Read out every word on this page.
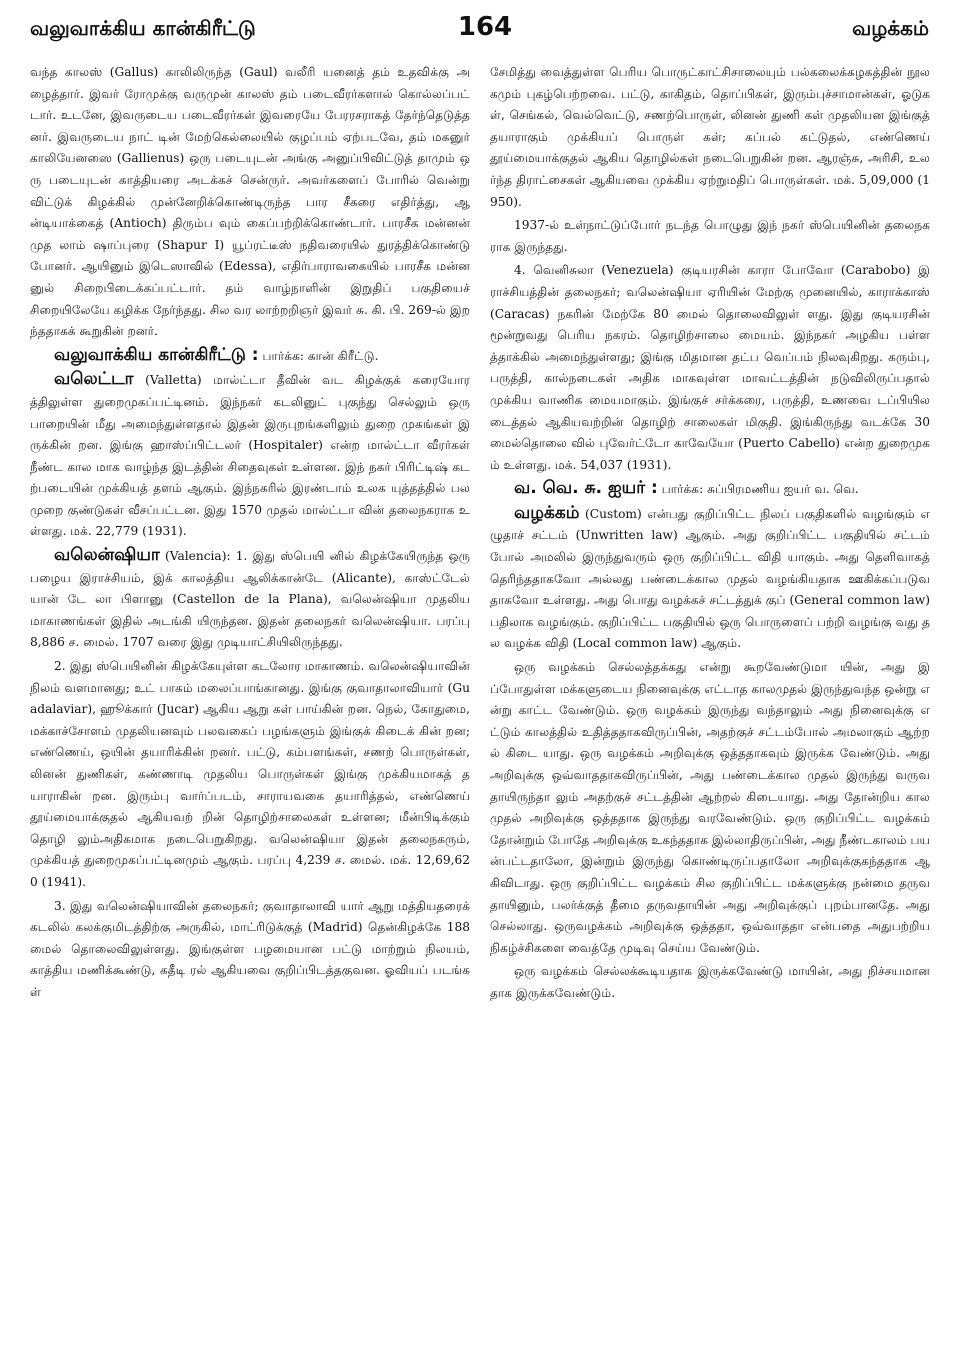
வலுவாக்கிய கான்கிரீட்டு	164	வழக்கம்

வந்த காலஸ் (Gallus) காலிலிருந்த (Gaul) வலீரி யனைத் தம் உதவிக்கு அழைத்தார். இவர் ரோமுக்கு வருமுன் காலஸ் தம் படைவீரர்களால் கொல்லப்பட் டார். உடனே, இவருடைய படைவீரர்கள் இவரையே பேரரசராகத் தேர்ந்தெடுத்தனர். இவருடைய நாட் டின் மேற்கெல்லையில் குழப்பம் ஏற்படவே, தம் மகனுர் காலியேனஸை (Gallienus) ஒரு படையுடன் அங்கு அனுப்பிவிட்டுத் தாமும் ஒரு படையுடன் காத்தியரை அடக்கச் சென்ருர். அவர்களைப் போரில் வென்று விட்டுக் கிழக்கில் முன்னேறிக்கொண்டிருந்த பார சீகரை எதிர்த்து, ஆன்டியாக்கைத் (Antioch) திரும்ப வும் கைப்பற்றிக்கொண்டார். பாரசீக மன்னன் முத லாம் ஷாப்புரை (Shapur I) யூப்ரட்டீஸ் நதிவரையில் துரத்திக்கொண்டு போனர். ஆயினும் இடெஸாவில் (Edessa), எதிர்பாராவகையில் பாரசீக மன்னனுல் சிறைபிடைக்கப்பட்டார். தம் வாழ்நாளின் இறுதிப் பகுதியைச் சிறையிலேயே கழிக்க நேர்ந்தது. சில வர லாற்றறிஞர் இவர் சு. கி. பி. 269-ல் இறந்ததாகக் கூறுகின் றனர்.

வலுவாக்கிய கான்கிரீட்டு : பார்க்க: கான் கிரீட்டு.

வலெட்டா (Valletta) மால்ட்டா தீவின் வட கிழக்குக் கரையோரத்திலுள்ள துறைமுகப்பட்டினம். இந்நகர் கடலினுட் புகுந்து செல்லும் ஒரு பாறையின் மீது அமைந்துள்ளதால் இதன் இருபுறங்களிலும் துறை முகங்கள் இருக்கின் றன. இங்கு ஹாஸ்ப்பிட்டலர் (Hospitaler) என்ற மால்ட்டா வீரர்கள் நீண்ட கால மாக வாழ்ந்த இடத்தின் சிதைவுகள் உள்ளன. இந் நகர் பிரிட்டிஷ் கடற்படையின் முக்கியத் தளம் ஆகும். இந்நகரில் இரண்டாம் உலக யுத்தத்தில் பலமுறை குண்டுகள் வீசப்பட்டன. இது 1570 முதல் மால்ட்டா வின் தலைநகராக உள்ளது. மக். 22,779 (1931).

வலென்ஷியா (Valencia): 1. இது ஸ்பெயி னில் கிழக்கேயிருந்த ஒரு பழைய இராச்சியம், இக் காலத்திய ஆலிக்கான்டே (Alicante), காஸ்ட்டேல் யான் டே லா பிளானு (Castellon de la Plana), வலென்ஷியா முதலிய மாகாணங்கள் இதில் அடங்கி யிருந்தன. இதன் தலைநகர் வலென்ஷியா. பரப்பு 8,886 ச. மைல். 1707 வரை இது முடியாட்சியிலிருந்தது.

2. இது ஸ்பெயினின் கிழக்கேயுள்ள கடலோர மாகாணம். வலென்ஷியாவின் நிலம் வளமானது; உட் பாகம் மலைப்பாங்கானது. இங்கு குவாதாலாவியார் (Guadalaviar), ஹூக்கார் (Jucar) ஆகிய ஆறு கள் பாய்கின் றன. நெல், கோதுமை, மக்காச்சோளம் முதலியனவும் பலவகைப் பழங்களும் இங்குக் கிடைக் கின் றன; எண்ணெய், ஒயின் தயாரிக்கின் றனர். பட்டு, கம்பளங்கள், சணற் பொருள்கள், லினன் துணிகள், கண்ணாடி முதலிய பொருள்கள் இங்கு முக்கியமாகத் தயாராகின் றன. இரும்பு வார்ப்படம், சாராயவகை தயாரித்தல், எண்ணெய் தூய்மையாக்குதல் ஆகியவற் றின் தொழிற்சாலைகள் உள்ளன; மீன்பிடிக்கும் தொழி லும்அதிகமாக நடைபெறுகிறது. வலென்ஷியா இதன் தலைநகரும், முக்கியத் துறைமுகப்பட்டினமும் ஆகும். பரப்பு 4,239 ச. மைல். மக். 12,69,620 (1941).

3. இது வலென்ஷியாவின் தலைநகர்; குவாதாலாவி யார் ஆறு மத்தியதரைக் கடலில் கலக்குமிடத்திற்கு அருகில், மாட்ரிடுக்குத் (Madrid) தென்கிழக்கே 188 மைல் தொலைவிலுள்ளது. இங்குள்ள பழமையான பட்டு மாற்றும் நிலயம், காத்திய மணிக்கூண்டு, கதீடி ரல் ஆகியவை குறிப்பிடத்தகுவன. ஓவியப் படங்கள்

சேமித்து வைத்துள்ள பெரிய பொருட்காட்சிசாலையும் பல்கலைக்கழகத்தின் நூலகமும் புகழ்பெற்றவை. பட்டு, காகிதம், தொப்பிகள், இரும்புச்சாமான்கள், ஓடுகள், செங்கல், வெல்வெட்டு, சணற்பொருள், லினன் துணி கள் முதலியன இங்குத் தயாராகும் முக்கியப் பொருள் கள்; கப்பல் கட்டுதல், எண்ணெய் தூய்மையாக்குதல் ஆகிய தொழில்கள் நடைபெறுகின் றன. ஆரஞ்சு, அரிசி, உலர்ந்த திராட்சைகள் ஆகியவை முக்கிய ஏற்றுமதிப் பொருள்கள். மக். 5,09,000 (1950).

1937-ல் உள்நாட்டுப்போர் நடந்த பொழுது இந் நகர் ஸ்பெயினின் தலைநகராக இருந்தது.

4. வெனிசுலா (Venezuela) குடியரசின் காரா போவோ (Carabobo) இராச்சியத்தின் தலைநகர்; வலென்ஷியா ஏரியின் மேற்கு முனையில், காராக்காஸ் (Caracas) நகரின் மேற்கே 80 மைல் தொலைவிலுள் ளது. இது குடியரசின் மூன்றுவது பெரிய நகரம். தொழிற்சாலை மையம். இந்நகர் அழகிய பள்ளத்தாக்கில் அமைந்துள்ளது; இங்கு மிதமான தட்ப வெப்பம் நிலவுகிறது. கரும்பு, பருத்தி, கால்நடைகள் அதிக மாகவுள்ள மாவட்டத்தின் நடுவிலிருப்பதால் முக்கிய வாணிக மையமாகும். இங்குச் சர்க்கரை, பருத்தி, உணவை டப்பியிலடைத்தல் ஆகியவற்றின் தொழிற் சாலைகள் மிகுதி. இங்கிருந்து வடக்கே 30 மைல்தொலை வில் புவேர்ட்டோ காவேயோ (Puerto Cabello) என்ற துறைமுகம் உள்ளது. மக். 54,037 (1931).

வ. வெ. சு. ஐயர் : பார்க்க: சுப்பிரமணிய ஐயர் வ. வெ.

வழக்கம் (Custom) என்பது குறிப்பிட்ட நிலப் பகுதிகளில் வழங்கும் எழுதாச் சட்டம் (Unwritten law) ஆகும். அது குறிப்பிட்ட பகுதியில் சட்டம் போல் அமலில் இருந்துவரும் ஒரு குறிப்பிட்ட விதி யாகும். அது தெளிவாகத் தெரிந்ததாகவோ அல்லது பண்டைக்கால முதல் வழங்கியதாக ஊகிக்கப்படுவ தாகவோ உள்ளது. அது பொது வழக்கச் சட்டத்துக் குப் (General common law) பதிலாக வழங்கும். குறிப்பிட்ட பகுதியில் ஒரு பொருளைப் பற்றி வழங்கு வது தல வழக்க விதி (Local common law) ஆகும்.

ஒரு வழக்கம் செல்லத்தக்கது என்று கூறவேண்டுமா யின், அது இப்போதுள்ள மக்களுடைய நினைவுக்கு எட்டாத காலமுதல் இருந்துவந்த ஒன்று என்று காட்ட வேண்டும். ஒரு வழக்கம் இருந்து வந்தாலும் அது நினைவுக்கு எட்டும் காலத்தில் உதித்ததாகவிருப்பின், அதற்குச் சட்டம்போல் அமலாகும் ஆற்றல் கிடை யாது. ஒரு வழக்கம் அறிவுக்கு ஒத்ததாகவும் இருக்க வேண்டும். அது அறிவுக்கு ஒவ்வாததாகவிருப்பின், அது பண்டைக்கால முதல் இருந்து வருவதாயிருந்தா லும் அதற்குச் சட்டத்தின் ஆற்றல் கிடையாது. அது தோன்றிய காலமுதல் அறிவுக்கு ஒத்ததாக இருந்து வரவேண்டும். ஒரு குறிப்பிட்ட வழக்கம் தோன்றும் போதே அறிவுக்கு உகந்ததாக இல்லாதிருப்பின், அது நீண்டகாலம் பயன்பட்டதாலோ, இன்றும் இருந்து கொண்டிருப்பதாலோ அறிவுக்குகந்ததாக ஆகிவிடாது. ஒரு குறிப்பிட்ட வழக்கம் சில குறிப்பிட்ட மக்களுக்கு நன்மை தருவதாயினும், பலர்க்குத் தீமை தருவதாயின் அது அறிவுக்குப் புறம்பானதே. அது செல்லாது. ஒருவழக்கம் அறிவுக்கு ஒத்ததா, ஒவ்வாததா என்பதை அதுபற்றிய நிகழ்ச்சிகளை வைத்தே முடிவு செய்ய வேண்டும்.

ஒரு வழக்கம் செல்லக்கூடியதாக இருக்கவேண்டு மாயின், அது நிச்சயமானதாக இருக்கவேண்டும்.
